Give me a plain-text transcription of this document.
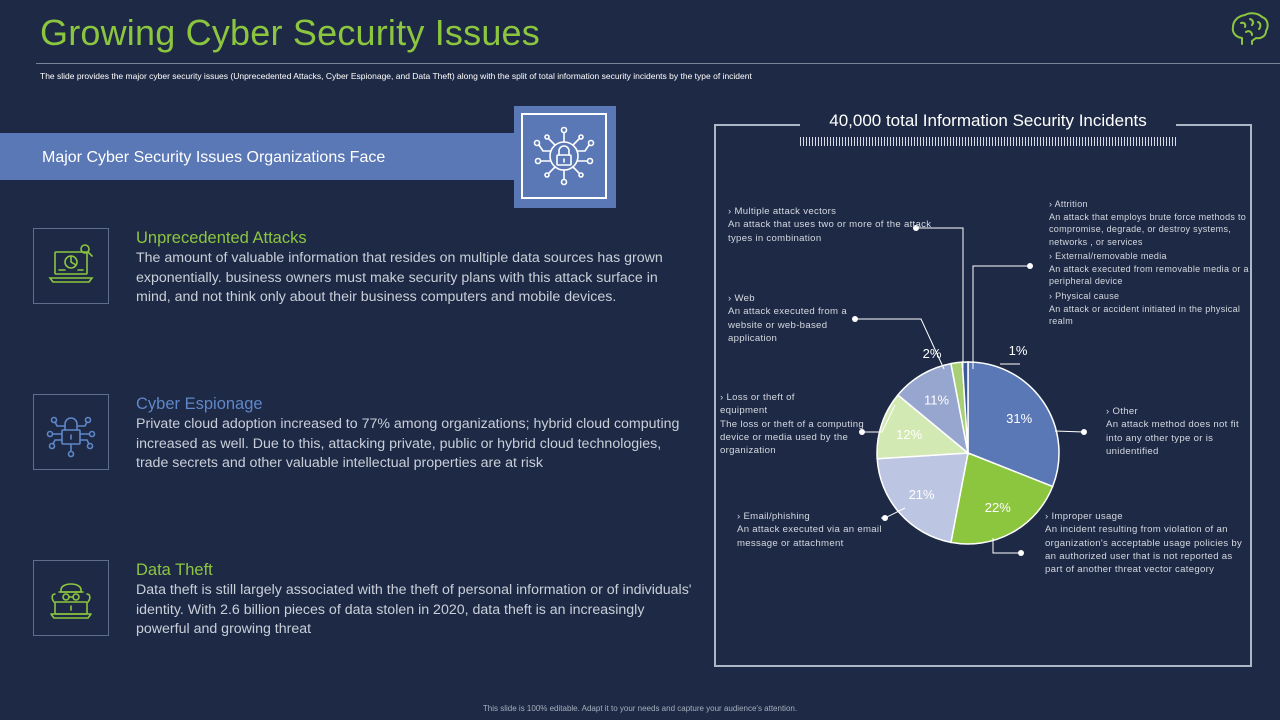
Growing Cyber Security Issues
The slide provides the major cyber security issues (Unprecedented Attacks, Cyber Espionage, and Data Theft) along with the split of total information security incidents by the type of incident
Major Cyber Security Issues Organizations Face
Unprecedented Attacks
The amount of valuable information that resides on multiple data sources has grown exponentially. business owners must make security plans with this attack surface in mind, and not think only about their business computers and mobile devices.
Cyber Espionage
Private cloud adoption increased to 77% among organizations; hybrid cloud computing increased as well. Due to this, attacking private, public or hybrid cloud technologies, trade secrets and other valuable intellectual properties are at risk
Data Theft
Data theft is still largely associated with the theft of personal information or of individuals' identity. With 2.6 billion pieces of data stolen in 2020, data theft is an increasingly powerful and growing threat
40,000 total Information Security Incidents
31%
22%
21%
12%
11%
2%	1%
› Multiple attack vectors
An attack that uses two or more of the attack types in combination
› Web
An attack executed from a website or web-based application
› Loss or theft of equipment
The loss or theft of a computing device or media used by the organization
› Email/phishing
An attack executed via an email message or attachment
› Attrition
An attack that employs brute force methods to compromise, degrade, or destroy systems, networks , or services
› External/removable media
An attack executed from removable media or a peripheral device
› Physical cause
An attack or accident initiated in the physical realm
› Other
An attack method does not fit into any other type or is unidentified
› Improper usage
An incident resulting from violation of an organization's acceptable usage policies by an authorized user that is not reported as part of another threat vector category
This slide is 100% editable. Adapt it to your needs and capture your audience's attention.
